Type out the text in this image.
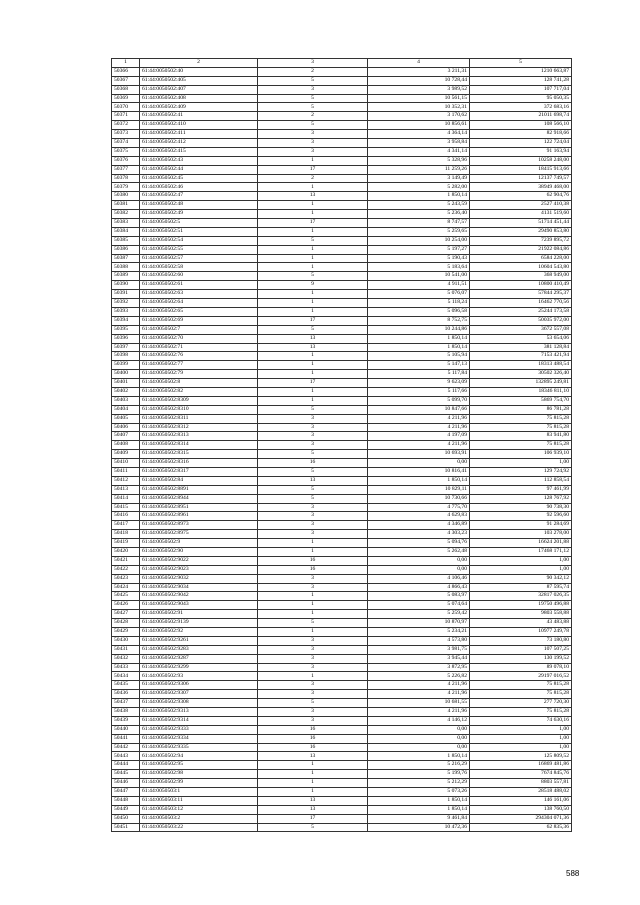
1	2	3	4	5
50366	61:44:0050502:40	2	3 211,31	1210 663,87
50367	61:44:0050502:405	5	10 728,44	128 741,28
50368	61:44:0050502:407	3	3 989,52	107 717,04
50369	61:44:0050502:408	5	10 561,15	95 050,35
50370	61:44:0050502:409	5	10 352,31	372 683,16
50371	61:44:0050502:41	2	3 170,62	21011 698,74
50372	61:44:0050502:410	5	10 856,61	108 566,10
50373	61:44:0050502:411	3	4 364,14	82 918,66
50374	61:44:0050502:412	3	3 958,84	122 724,04
50375	61:44:0050502:415	3	4 341,14	91 163,94
50376	61:44:0050502:43	1	5 328,96	10258 248,00
50377	61:44:0050502:44	17	11 259,26	18415 913,66
50378	61:44:0050502:45	2	3 149,49	12137 749,57
50379	61:44:0050502:46	1	5 282,00	38949 468,00
50380	61:44:0050502:47	13	1 850,14	62 904,76
50381	61:44:0050502:48	1	5 243,59	2527 410,38
50382	61:44:0050502:49	1	5 236,40	4131 519,60
50383	61:44:0050502:5	17	8 747,57	51714 451,44
50384	61:44:0050502:51	1	5 259,65	29490 853,80
50385	61:44:0050502:54	5	10 254,00	7239 895,72
50386	61:44:0050502:55	1	5 197,27	21922 084,86
50387	61:44:0050502:57	1	5 190,43	6584 228,00
50388	61:44:0050502:58	1	5 183,64	10604 543,80
50389	61:44:0050502:60	5	10 541,00	368 949,00
50390	61:44:0050502:61	9	4 911,51	10800 410,49
50391	61:44:0050502:63	1	5 076,07	57844 295,37
50392	61:44:0050502:64	1	5 118,24	16462 770,56
50393	61:44:0050502:65	1	5 096,58	25244 173,58
50394	61:44:0050502:69	17	8 752,75	50035 972,00
50395	61:44:0050502:7	5	10 244,86	3672 557,08
50396	61:44:0050502:70	13	1 850,14	53 654,06
50397	61:44:0050502:71	13	1 850,14	381 128,84
50398	61:44:0050502:76	1	5 105,94	7153 421,94
50399	61:44:0050502:77	1	5 147,13	18313 488,54
50400	61:44:0050502:79	1	5 117,84	30502 326,40
50401	61:44:0050502:8	17	9 623,09	132895 249,81
50402	61:44:0050502:82	1	5 117,66	18346 811,10
50403	61:44:0050502:8309	1	5 099,70	5869 754,70
50404	61:44:0050502:8310	5	10 847,66	86 781,28
50405	61:44:0050502:8311	3	4 211,96	75 815,28
50406	61:44:0050502:8312	3	4 211,96	75 815,28
50407	61:44:0050502:8313	3	4 197,09	83 941,80
50408	61:44:0050502:8314	3	4 211,96	75 815,28
50409	61:44:0050502:8315	5	10 693,91	106 939,10
50410	61:44:0050502:8316	16	0,00	1,00
50411	61:44:0050502:8317	5	10 816,41	129 724,92
50412	61:44:0050502:84	13	1 850,14	112 858,54
50413	61:44:0050502:8891	5	10 829,11	97 461,99
50414	61:44:0050502:8944	5	10 730,66	128 767,92
50415	61:44:0050502:8951	3	4 775,70	90 738,30
50416	61:44:0050502:8961	3	4 629,83	92 596,60
50417	61:44:0050502:8973	3	4 346,89	91 284,69
50418	61:44:0050502:8975	3	4 303,23	103 278,00
50419	61:44:0050502:9	1	5 094,76	16624 201,88
50420	61:44:0050502:90	1	5 262,48	17468 171,12
50421	61:44:0050502:9022	16	0,00	1,00
50422	61:44:0050502:9023	16	0,00	1,00
50423	61:44:0050502:9032	3	4 106,46	90 342,12
50424	61:44:0050502:9034	3	4 866,43	87 595,74
50425	61:44:0050502:9042	1	5 083,97	32817 026,35
50426	61:44:0050502:9043	1	5 074,64	19750 496,88
50427	61:44:0050502:91	1	5 259,42	9803 558,88
50428	61:44:0050502:9139	5	10 870,97	43 483,88
50429	61:44:0050502:92	1	5 234,21	10977 249,78
50430	61:44:0050502:9261	3	4 573,80	73 180,80
50431	61:44:0050502:9283	3	3 981,75	107 507,25
50432	61:44:0050502:9287	3	3 945,44	130 199,52
50433	61:44:0050502:9299	3	3 872,95	89 078,10
50434	61:44:0050502:93	1	5 226,82	29197 016,52
50435	61:44:0050502:9306	3	4 211,96	75 815,28
50436	61:44:0050502:9307	3	4 211,96	75 815,28
50437	61:44:0050502:9308	5	10 681,55	277 720,30
50438	61:44:0050502:9313	3	4 211,96	75 815,28
50439	61:44:0050502:9314	3	4 146,12	74 630,16
50440	61:44:0050502:9333	16	0,00	1,00
50441	61:44:0050502:9334	16	0,00	1,00
50442	61:44:0050502:9335	16	0,00	1,00
50443	61:44:0050502:94	13	1 850,14	125 809,52
50444	61:44:0050502:95	1	5 216,29	16869 481,86
50445	61:44:0050502:98	1	5 199,76	7674 845,76
50446	61:44:0050502:99	1	5 212,29	8803 557,81
50447	61:44:0050503:1	1	5 073,26	28518 488,02
50448	61:44:0050503:11	13	1 850,14	146 161,06
50449	61:44:0050503:12	13	1 850,14	138 760,50
50450	61:44:0050503:2	17	9 461,84	294304 071,36
50451	61:44:0050503:22	5	10 472,36	62 835,36
588
